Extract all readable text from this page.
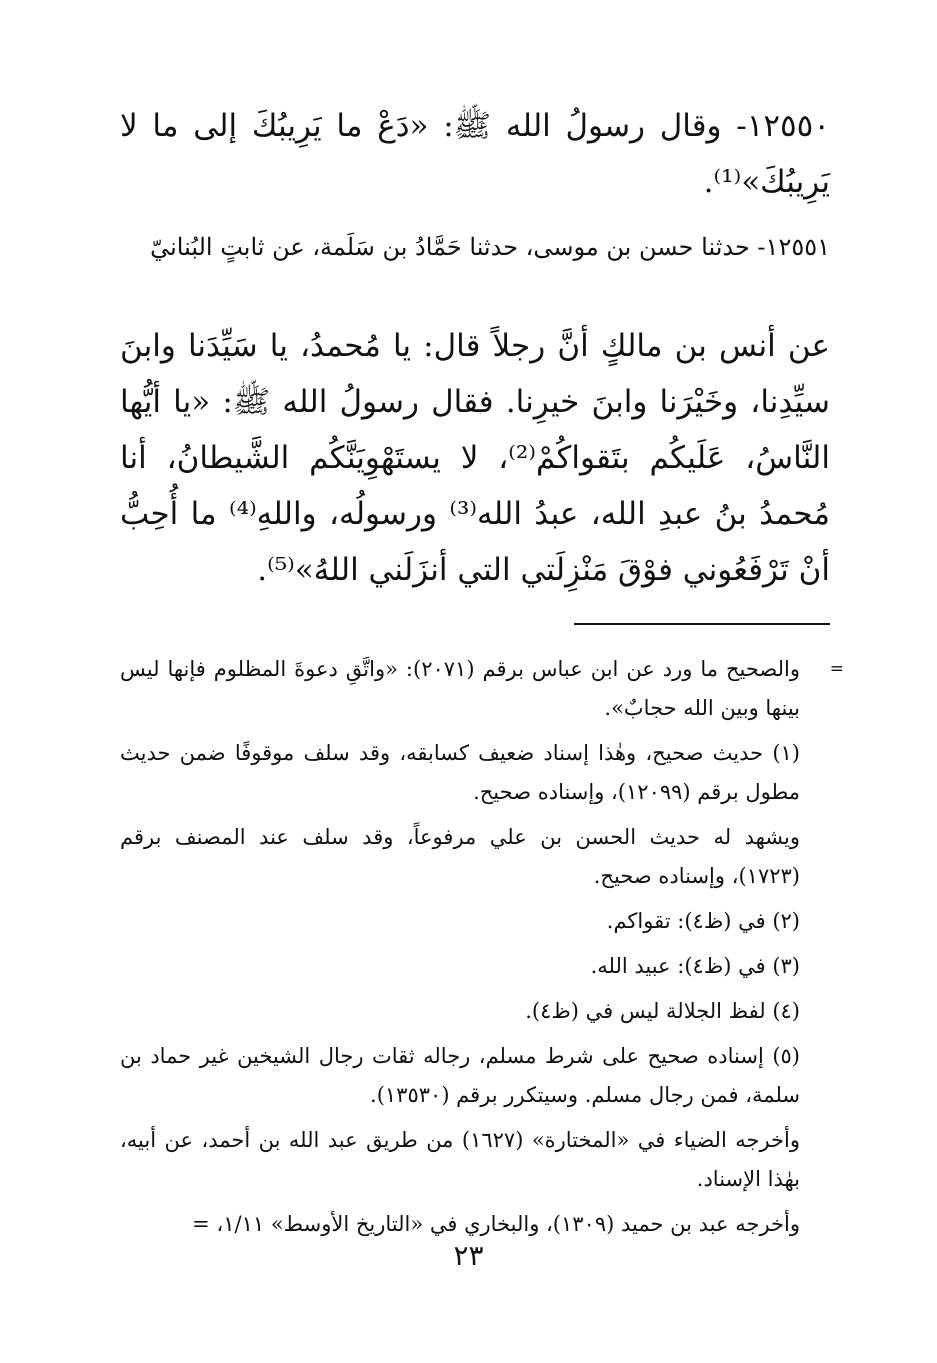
١٢٥٥٠- وقال رسولُ الله ﷺ: «دَعْ ما يَرِيبُكَ إلى ما لا يَرِيبُكَ»⁽¹⁾.
١٢٥٥١- حدثنا حسن بن موسى، حدثنا حَمَّادُ بن سَلَمة، عن ثابتٍ البُنانيّ
عن أنس بن مالكٍ أنَّ رجلاً قال: يا مُحمدُ، يا سَيِّدَنا وابنَ سيِّدِنا، وخَيْرَنا وابنَ خيرِنا. فقال رسولُ الله ﷺ: «يا أيُّها النَّاسُ، عَلَيكُم بتَقواكُمْ⁽²⁾، لا يستَهْوِيَنَّكُم الشَّيطانُ، أنا مُحمدُ بنُ عبدِ الله، عبدُ الله⁽³⁾ ورسولُه، واللهِ⁽⁴⁾ ما أُحِبُّ أنْ تَرْفَعُوني فوْقَ مَنْزِلَتي التي أنزَلَني اللهُ»⁽⁵⁾.

=
والصحيح ما ورد عن ابن عباس برقم (٢٠٧١): «واتَّقِ دعوةَ المظلوم فإنها ليس بينها وبين الله حجابٌ».

(١) حديث صحيح، وهٰذا إسناد ضعيف كسابقه، وقد سلف موقوفًا ضمن حديث مطول برقم (١٢٠٩٩)، وإسناده صحيح.

ويشهد له حديث الحسن بن علي مرفوعاً، وقد سلف عند المصنف برقم (١٧٢٣)، وإسناده صحيح.

(٢) في (ظ٤): تقواكم.

(٣) في (ظ٤): عبيد الله.

(٤) لفظ الجلالة ليس في (ظ٤).

(٥) إسناده صحيح على شرط مسلم، رجاله ثقات رجال الشيخين غير حماد بن سلمة، فمن رجال مسلم. وسيتكرر برقم (١٣٥٣٠).

وأخرجه الضياء في «المختارة» (١٦٢٧) من طريق عبد الله بن أحمد، عن أبيه، بهٰذا الإسناد.

وأخرجه عبد بن حميد (١٣٠٩)، والبخاري في «التاريخ الأوسط» ١/١١، =

٢٣
